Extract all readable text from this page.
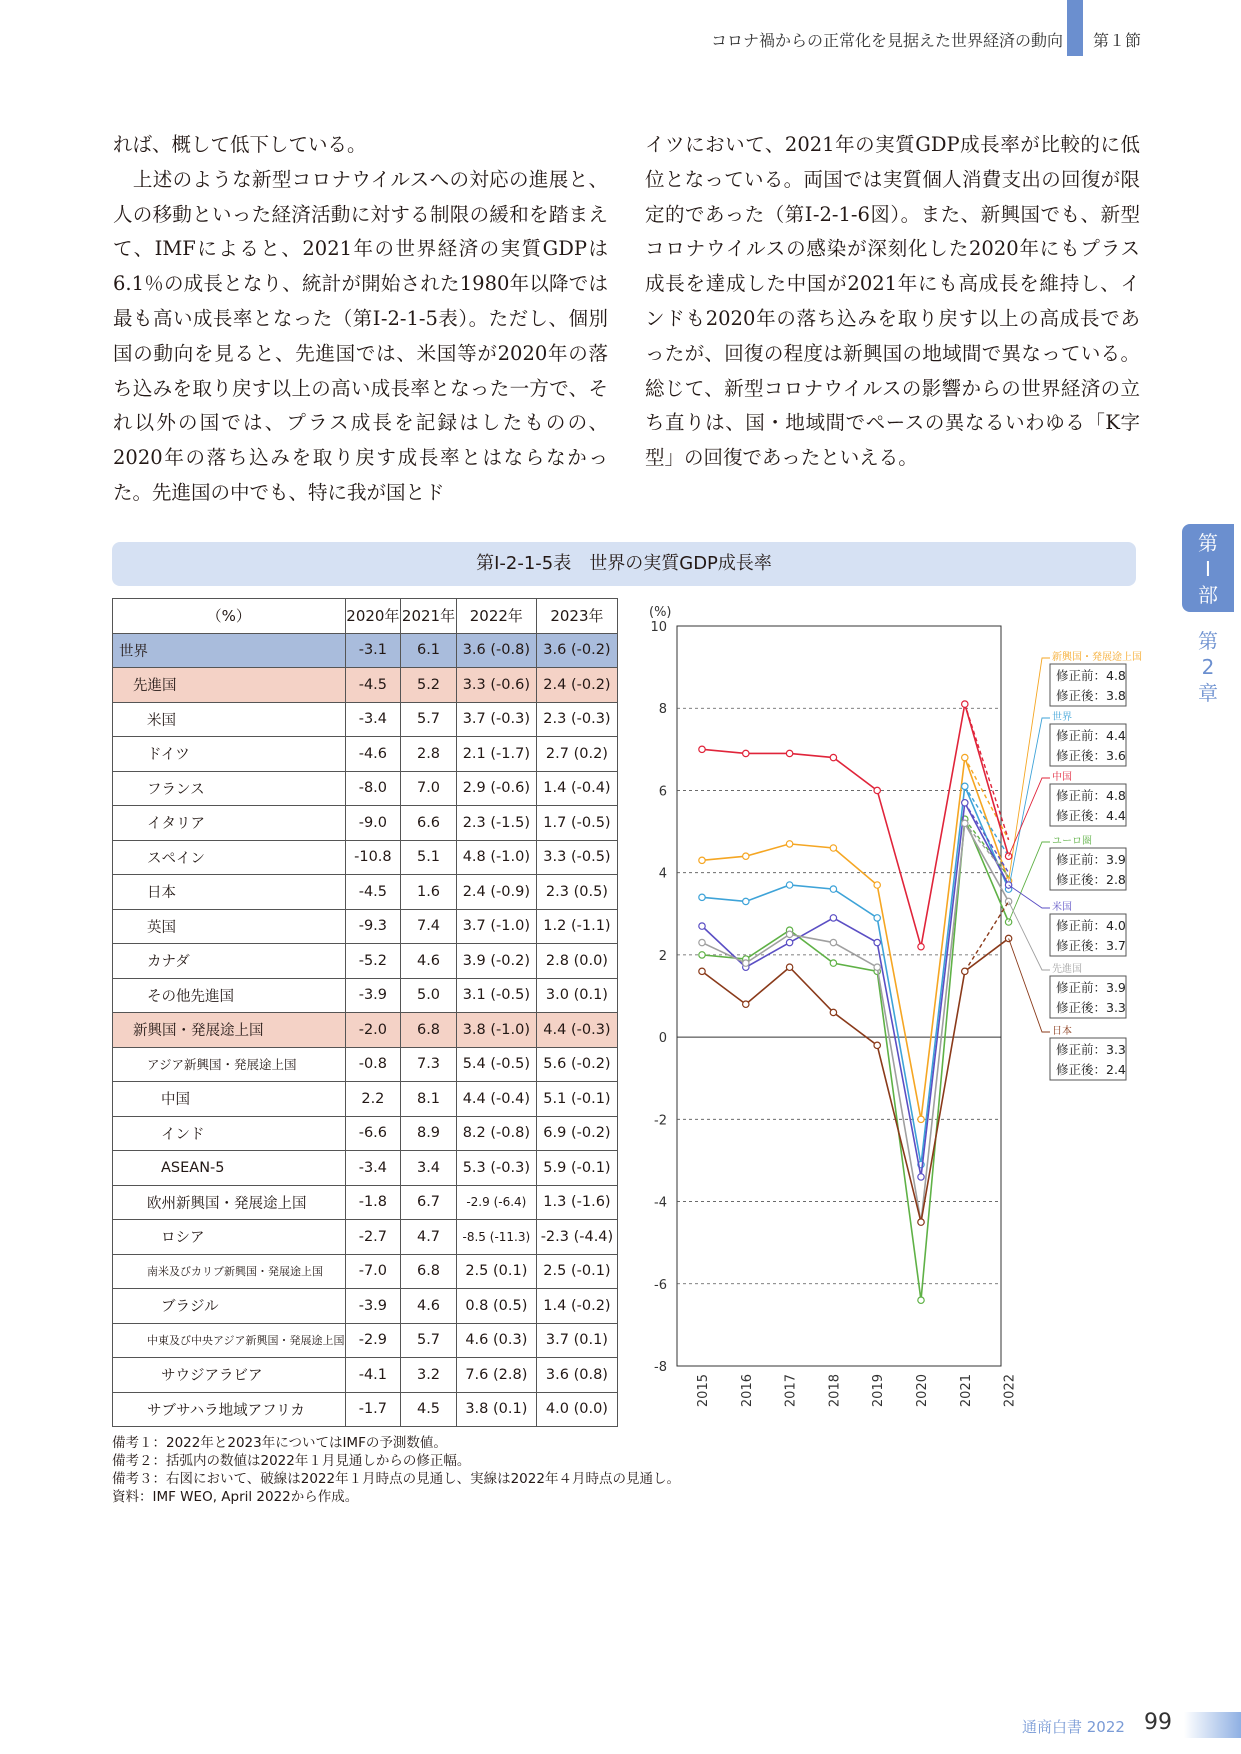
コロナ禍からの正常化を見据えた世界経済の動向 第１節

れば、概して低下している。

　上述のような新型コロナウイルスへの対応の進展と、人の移動といった経済活動に対する制限の緩和を踏まえて、IMFによると、2021年の世界経済の実質GDPは6.1％の成長となり、統計が開始された1980年以降では最も高い成長率となった（第Ⅰ-2-1-5表）。ただし、個別国の動向を見ると、先進国では、米国等が2020年の落ち込みを取り戻す以上の高い成長率となった一方で、それ以外の国では、プラス成長を記録はしたものの、2020年の落ち込みを取り戻す成長率とはならなかった。先進国の中でも、特に我が国とド

イツにおいて、2021年の実質GDP成長率が比較的に低位となっている。両国では実質個人消費支出の回復が限定的であった（第Ⅰ-2-1-6図）。また、新興国でも、新型コロナウイルスの感染が深刻化した2020年にもプラス成長を達成した中国が2021年にも高成長を維持し、インドも2020年の落ち込みを取り戻す以上の高成長であったが、回復の程度は新興国の地域間で異なっている。総じて、新型コロナウイルスの影響からの世界経済の立ち直りは、国・地域間でペースの異なるいわゆる「K字型」の回復であったといえる。

第
Ⅰ
部
第
2
章
第Ⅰ-2-1-5表　世界の実質GDP成長率
（%）	2020年	2021年	2022年	2023年
世界	-3.1	6.1	3.6 (-0.8)	3.6 (-0.2)
先進国	-4.5	5.2	3.3 (-0.6)	2.4 (-0.2)
米国	-3.4	5.7	3.7 (-0.3)	2.3 (-0.3)
ドイツ	-4.6	2.8	2.1 (-1.7)	2.7 (0.2)
フランス	-8.0	7.0	2.9 (-0.6)	1.4 (-0.4)
イタリア	-9.0	6.6	2.3 (-1.5)	1.7 (-0.5)
スペイン	-10.8	5.1	4.8 (-1.0)	3.3 (-0.5)
日本	-4.5	1.6	2.4 (-0.9)	2.3 (0.5)
英国	-9.3	7.4	3.7 (-1.0)	1.2 (-1.1)
カナダ	-5.2	4.6	3.9 (-0.2)	2.8 (0.0)
その他先進国	-3.9	5.0	3.1 (-0.5)	3.0 (0.1)
新興国・発展途上国	-2.0	6.8	3.8 (-1.0)	4.4 (-0.3)
アジア新興国・発展途上国	-0.8	7.3	5.4 (-0.5)	5.6 (-0.2)
中国	2.2	8.1	4.4 (-0.4)	5.1 (-0.1)
インド	-6.6	8.9	8.2 (-0.8)	6.9 (-0.2)
ASEAN-5	-3.4	3.4	5.3 (-0.3)	5.9 (-0.1)
欧州新興国・発展途上国	-1.8	6.7	-2.9 (-6.4)	1.3 (-1.6)
ロシア	-2.7	4.7	-8.5 (-11.3)	-2.3 (-4.4)
南米及びカリブ新興国・発展途上国	-7.0	6.8	2.5 (0.1)	2.5 (-0.1)
ブラジル	-3.9	4.6	0.8 (0.5)	1.4 (-0.2)
中東及び中央アジア新興国・発展途上国	-2.9	5.7	4.6 (0.3)	3.7 (0.1)
サウジアラビア	-4.1	3.2	7.6 (2.8)	3.6 (0.8)
サブサハラ地域アフリカ	-1.7	4.5	3.8 (0.1)	4.0 (0.0)
備考１：2022年と2023年についてはIMFの予測数値。
備考２：括弧内の数値は2022年１月見通しからの修正幅。
備考３：右図において、破線は2022年１月時点の見通し、実線は2022年４月時点の見通し。
資料：IMF WEO, April 2022から作成。
-8
-6
-4
-2
0
2
4
6
8
10
(%)
2015 2016 2017 2018 2019 2020 2021 2022
新興国・発展途上国
修正前：4.8
修正後：3.8
世界
修正前：4.4
修正後：3.6
中国
修正前：4.8
修正後：4.4
ユーロ圏
修正前：3.9
修正後：2.8
米国
修正前：4.0
修正後：3.7
先進国
修正前：3.9
修正後：3.3
日本
修正前：3.3
修正後：2.4
通商白書 2022 99
